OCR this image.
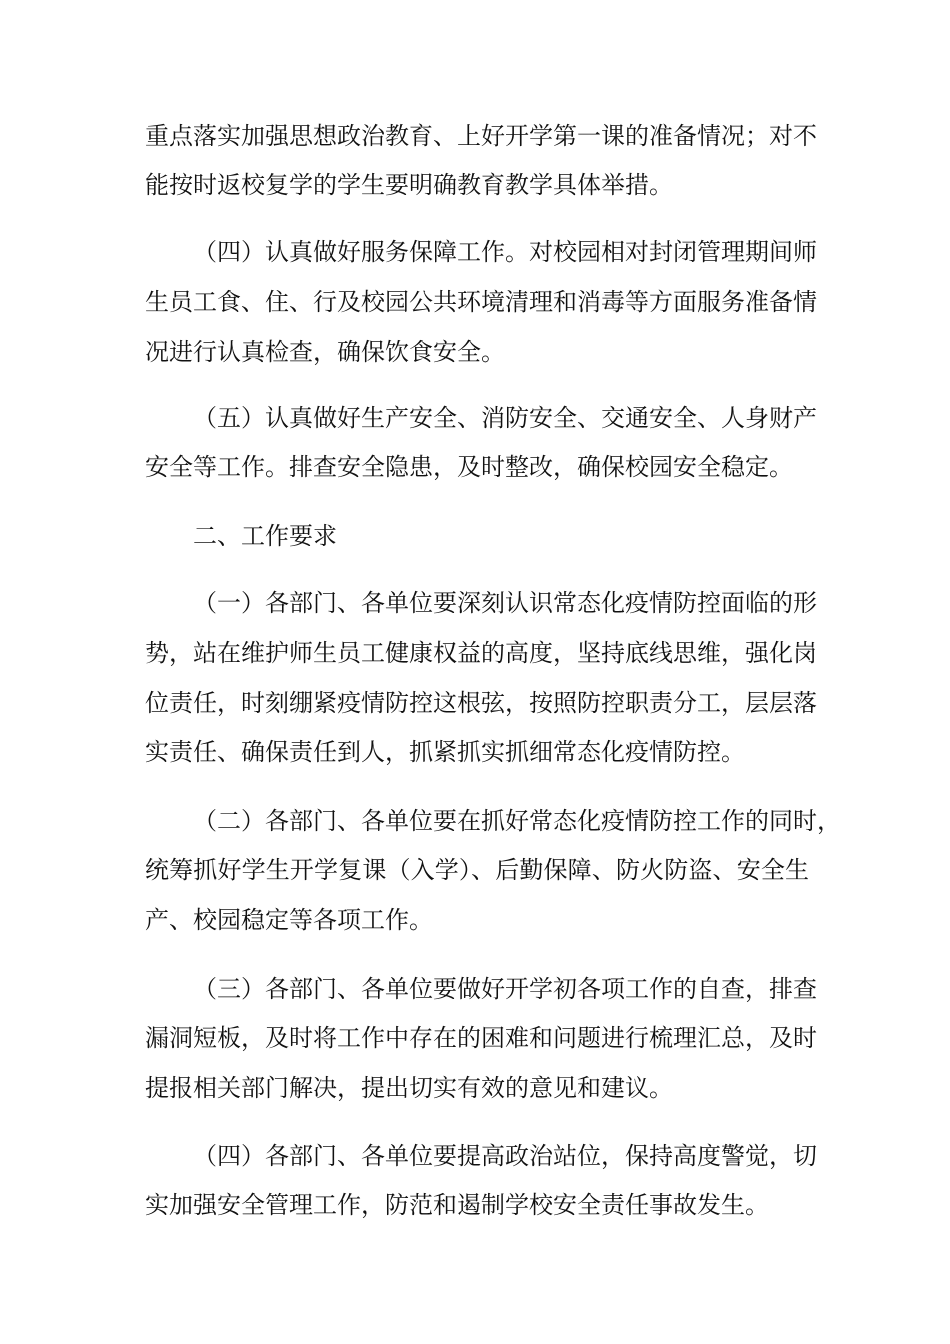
重点落实加强思想政治教育、上好开学第一课的准备情况；对不
能按时返校复学的学生要明确教育教学具体举措。
（四）认真做好服务保障工作。对校园相对封闭管理期间师
生员工食、住、行及校园公共环境清理和消毒等方面服务准备情
况进行认真检查，确保饮食安全。
（五）认真做好生产安全、消防安全、交通安全、人身财产
安全等工作。排查安全隐患，及时整改，确保校园安全稳定。
二、工作要求
（一）各部门、各单位要深刻认识常态化疫情防控面临的形
势，站在维护师生员工健康权益的高度，坚持底线思维，强化岗
位责任，时刻绷紧疫情防控这根弦，按照防控职责分工，层层落
实责任、确保责任到人，抓紧抓实抓细常态化疫情防控。
（二）各部门、各单位要在抓好常态化疫情防控工作的同时，
统筹抓好学生开学复课（入学）、后勤保障、防火防盗、安全生
产、校园稳定等各项工作。
（三）各部门、各单位要做好开学初各项工作的自查，排查
漏洞短板，及时将工作中存在的困难和问题进行梳理汇总，及时
提报相关部门解决，提出切实有效的意见和建议。
（四）各部门、各单位要提高政治站位，保持高度警觉，切
实加强安全管理工作，防范和遏制学校安全责任事故发生。
